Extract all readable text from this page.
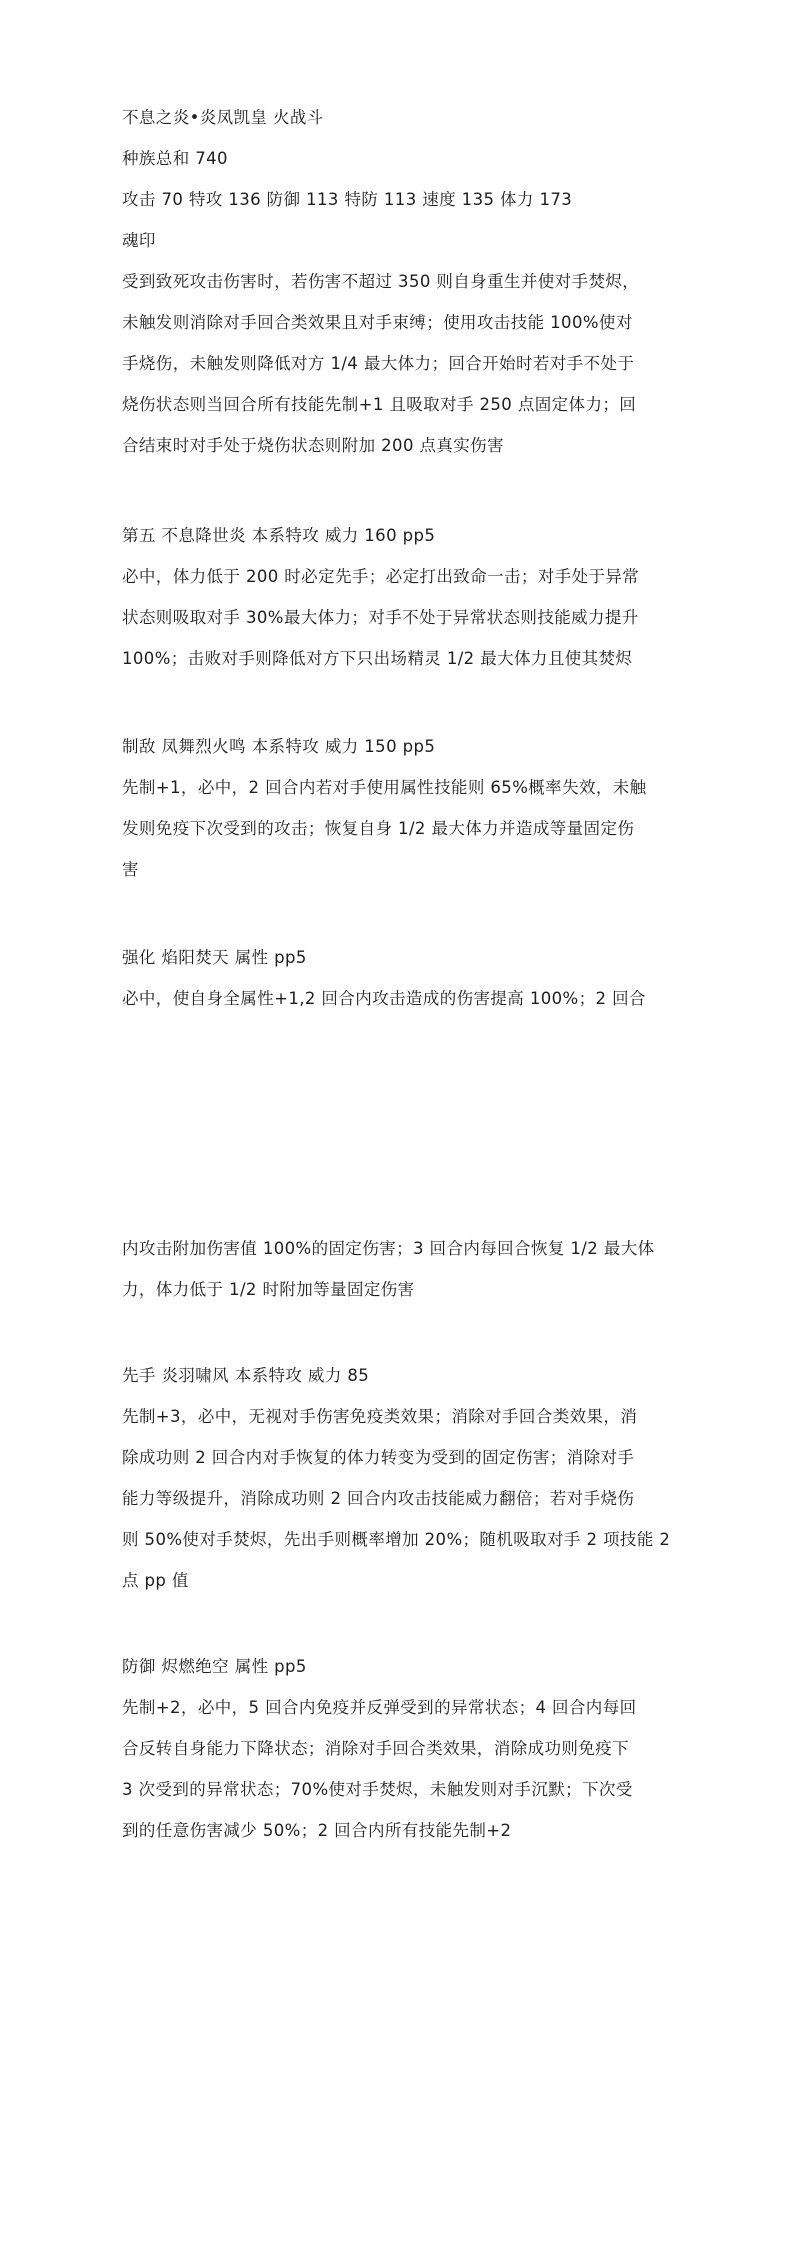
不息之炎•炎凤凯皇 火战斗
种族总和 740
攻击 70 特攻 136 防御 113 特防 113 速度 135 体力 173
魂印
受到致死攻击伤害时，若伤害不超过 350 则自身重生并使对手焚烬，
未触发则消除对手回合类效果且对手束缚；使用攻击技能 100%使对
手烧伤，未触发则降低对方 1/4 最大体力；回合开始时若对手不处于
烧伤状态则当回合所有技能先制+1 且吸取对手 250 点固定体力；回
合结束时对手处于烧伤状态则附加 200 点真实伤害
第五 不息降世炎 本系特攻 威力 160 pp5
必中，体力低于 200 时必定先手；必定打出致命一击；对手处于异常
状态则吸取对手 30%最大体力；对手不处于异常状态则技能威力提升
100%；击败对手则降低对方下只出场精灵 1/2 最大体力且使其焚烬
制敌 凤舞烈火鸣 本系特攻 威力 150 pp5
先制+1，必中，2 回合内若对手使用属性技能则 65%概率失效，未触
发则免疫下次受到的攻击；恢复自身 1/2 最大体力并造成等量固定伤
害
强化 焰阳焚天 属性 pp5
必中，使自身全属性+1,2 回合内攻击造成的伤害提高 100%；2 回合
内攻击附加伤害值 100%的固定伤害；3 回合内每回合恢复 1/2 最大体
力，体力低于 1/2 时附加等量固定伤害
先手 炎羽啸风 本系特攻 威力 85
先制+3，必中，无视对手伤害免疫类效果；消除对手回合类效果，消
除成功则 2 回合内对手恢复的体力转变为受到的固定伤害；消除对手
能力等级提升，消除成功则 2 回合内攻击技能威力翻倍；若对手烧伤
则 50%使对手焚烬，先出手则概率增加 20%；随机吸取对手 2 项技能 2
点 pp 值
防御 烬燃绝空 属性 pp5
先制+2，必中，5 回合内免疫并反弹受到的异常状态；4 回合内每回
合反转自身能力下降状态；消除对手回合类效果，消除成功则免疫下
3 次受到的异常状态；70%使对手焚烬，未触发则对手沉默；下次受
到的任意伤害减少 50%；2 回合内所有技能先制+2
